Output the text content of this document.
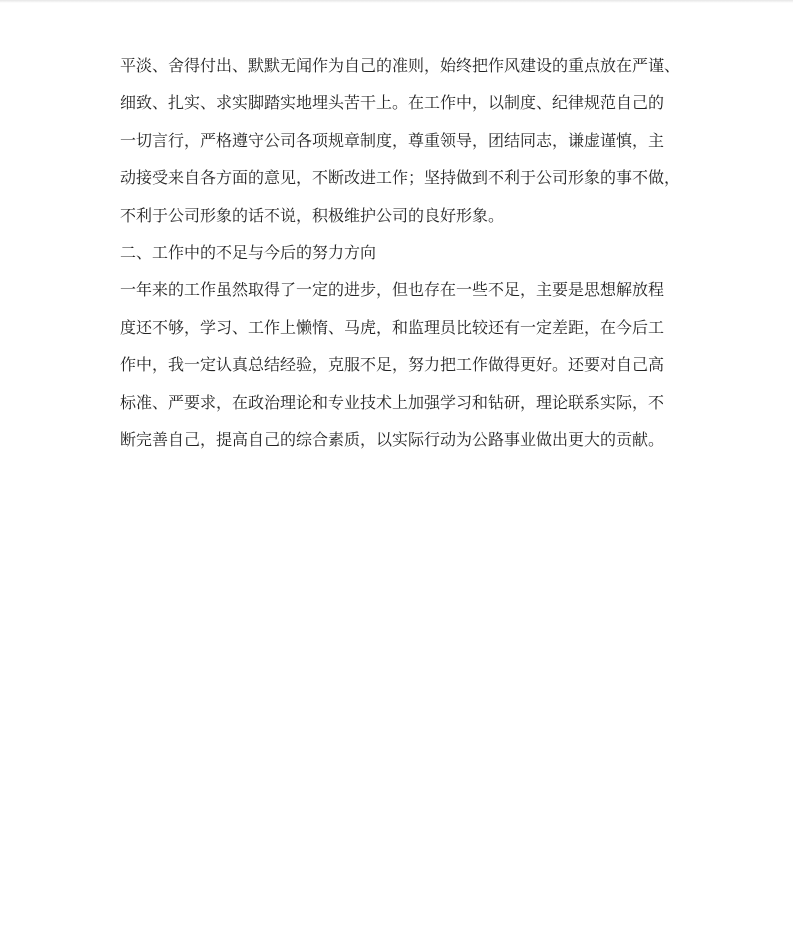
平淡、舍得付出、默默无闻作为自己的准则，始终把作风建设的重点放在严谨、
细致、扎实、求实脚踏实地埋头苦干上。在工作中，以制度、纪律规范自己的
一切言行，严格遵守公司各项规章制度，尊重领导，团结同志，谦虚谨慎，主
动接受来自各方面的意见，不断改进工作；坚持做到不利于公司形象的事不做，
不利于公司形象的话不说，积极维护公司的良好形象。
二、工作中的不足与今后的努力方向
一年来的工作虽然取得了一定的进步，但也存在一些不足，主要是思想解放程
度还不够，学习、工作上懒惰、马虎，和监理员比较还有一定差距，在今后工
作中，我一定认真总结经验，克服不足，努力把工作做得更好。还要对自己高
标准、严要求，在政治理论和专业技术上加强学习和钻研，理论联系实际，不
断完善自己，提高自己的综合素质，以实际行动为公路事业做出更大的贡献。
